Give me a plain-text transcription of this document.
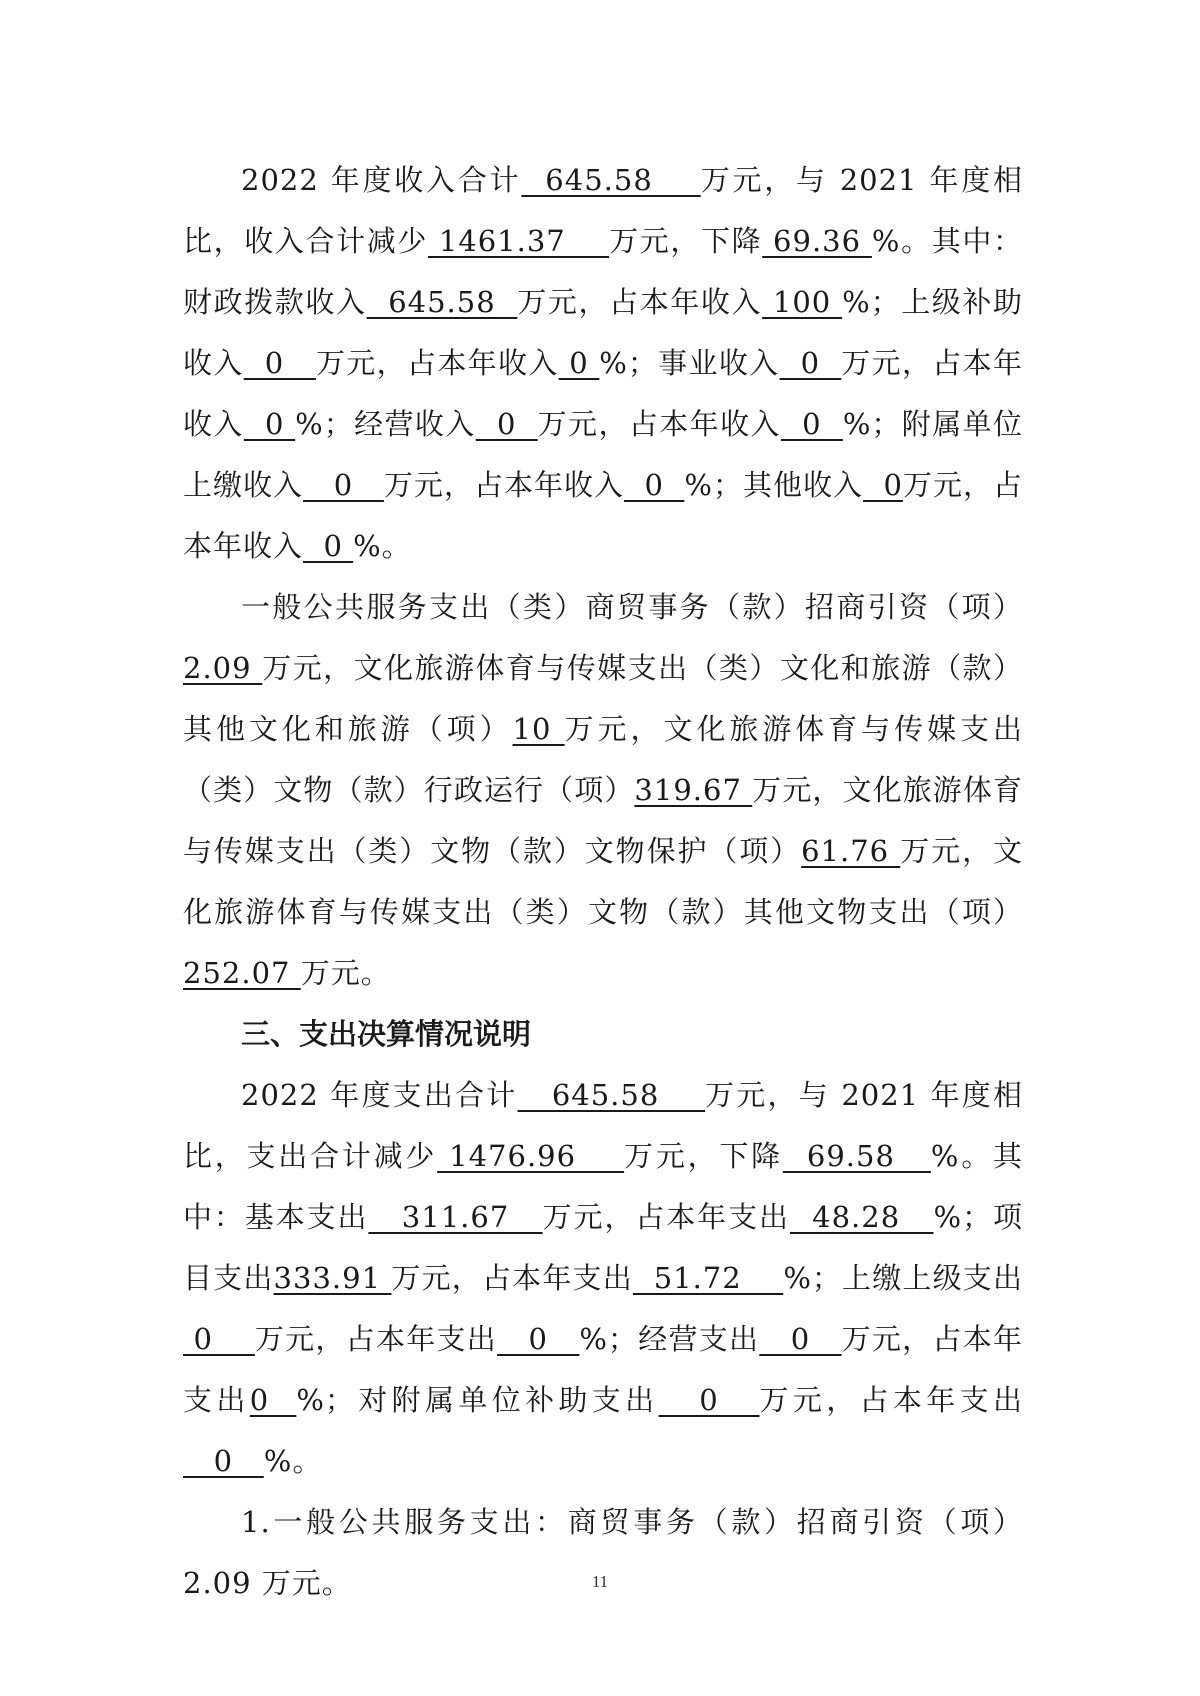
2022 年度收入合计  645.58    万元，与 2021 年度相比，收入合计减少 1461.37    万元，下降 69.36 %。其中：财政拨款收入  645.58  万元，占本年收入 100 %；上级补助收入  0   万元，占本年收入 0 %；事业收入  0  万元，占本年收入  0 %；经营收入  0  万元，占本年收入  0  %；附属单位上缴收入   0   万元，占本年收入  0  %；其他收入  0万元，占本年收入  0 %。

一般公共服务支出（类）商贸事务（款）招商引资（项）2.09 万元，文化旅游体育与传媒支出（类）文化和旅游（款）其他文化和旅游（项）10 万元，文化旅游体育与传媒支出（类）文物（款）行政运行（项）319.67 万元，文化旅游体育与传媒支出（类）文物（款）文物保护（项）61.76 万元，文化旅游体育与传媒支出（类）文物（款）其他文物支出（项）252.07 万元。

三、支出决算情况说明

2022 年度支出合计   645.58    万元，与 2021 年度相比，支出合计减少 1476.96    万元，下降  69.58   %。其中：基本支出   311.67   万元，占本年支出  48.28   %；项目支出333.91 万元，占本年支出  51.72    %；上缴上级支出 0    万元，占本年支出   0   %；经营支出   0   万元，占本年支出0  %；对附属单位补助支出   0   万元，占本年支出   0   %。

1.一般公共服务支出：商贸事务（款）招商引资（项）2.09 万元。	11
